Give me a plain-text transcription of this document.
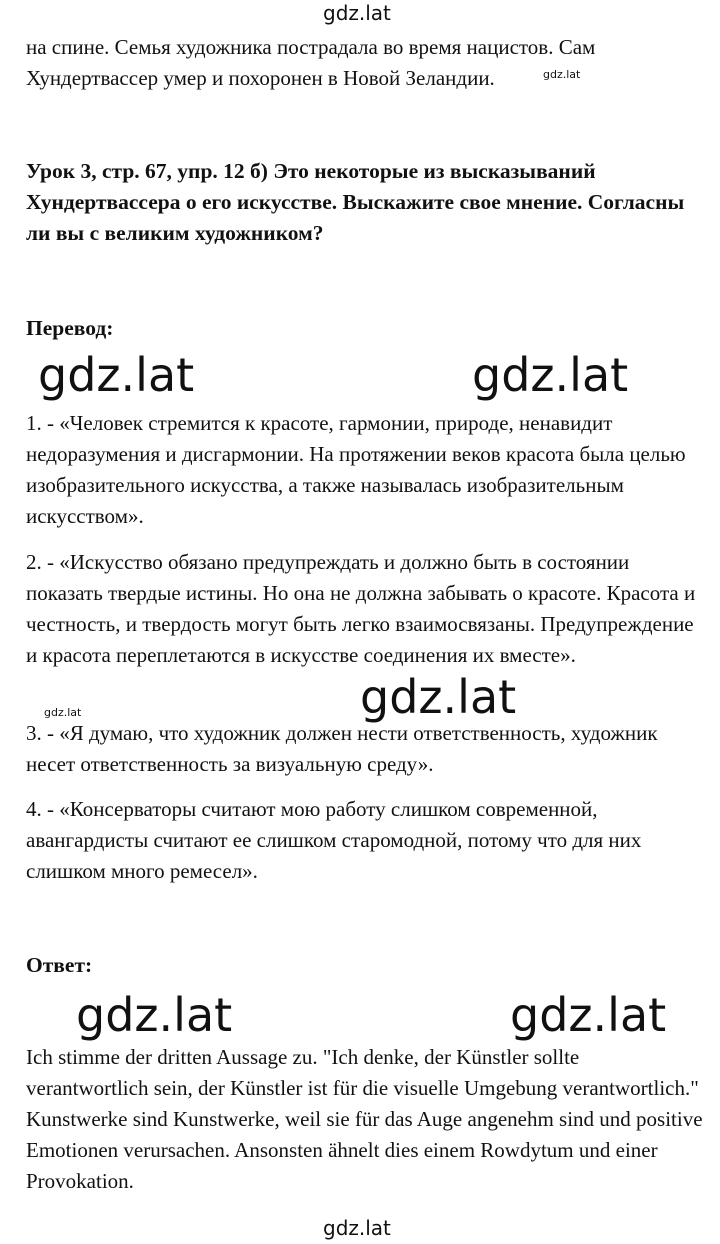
gdz.lat

на спине. Семья художника пострадала во время нацистов. Сам Хундертвассер умер и похоронен в Новой Зеландии.	gdz.lat

Урок 3, стр. 67, упр. 12 б) Это некоторые из высказываний Хундертвассера о его искусстве. Выскажите свое мнение. Согласны ли вы с великим художником?

Перевод:

gdz.lat	gdz.lat

1. - «Человек стремится к красоте, гармонии, природе, ненавидит недоразумения и дисгармонии. На протяжении веков красота была целью изобразительного искусства, а также называлась изобразительным искусством».

2. - «Искусство обязано предупреждать и должно быть в состоянии показать твердые истины. Но она не должна забывать о красоте. Красота и честность, и твердость могут быть легко взаимосвязаны. Предупреждение и красота переплетаются в искусстве соединения их вместе».

gdz.lat
gdz.lat

3. - «Я думаю, что художник должен нести ответственность, художник несет ответственность за визуальную среду».

4. - «Консерваторы считают мою работу слишком современной, авангардисты считают ее слишком старомодной, потому что для них слишком много ремесел».

Ответ:

gdz.lat	gdz.lat

Ich stimme der dritten Aussage zu. "Ich denke, der Künstler sollte verantwortlich sein, der Künstler ist für die visuelle Umgebung verantwortlich." Kunstwerke sind Kunstwerke, weil sie für das Auge angenehm sind und positive Emotionen verursachen. Ansonsten ähnelt dies einem Rowdytum und einer Provokation.

gdz.lat
